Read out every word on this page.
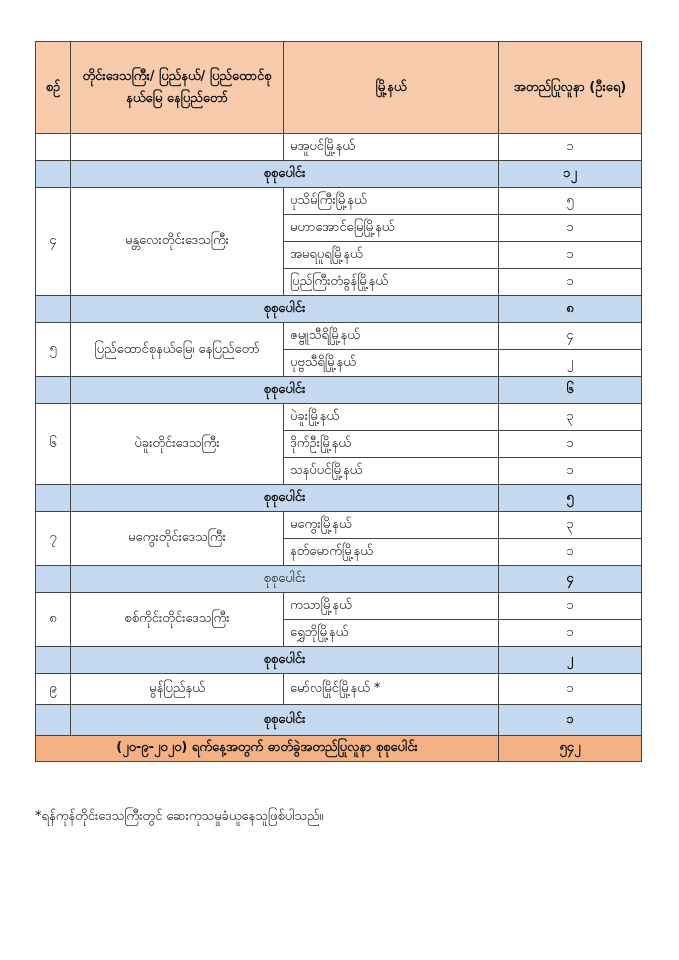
စဉ်	တိုင်းဒေသကြီး/ ပြည်နယ်/ ပြည်ထောင်စုနယ်မြေ နေပြည်တော်	မြို့နယ်	အတည်ပြုလူနာ (ဦးရေ)
		မအူပင်မြို့နယ်	၁
	စုစုပေါင်း		၁၂
၄	မန္တလေးတိုင်းဒေသကြီး	ပုသိမ်ကြီးမြို့နယ်	၅
		မဟာအောင်မြေမြို့နယ်	၁
		အမရပူရမြို့နယ်	၁
		ပြည်ကြီးတံခွန်မြို့နယ်	၁
	စုစုပေါင်း		၈
၅	ပြည်ထောင်စုနယ်မြေ၊ နေပြည်တော်	ဇမ္ဗူသီရိမြို့နယ်	၄
		ပုဗ္ဗသီရိမြို့နယ်	၂
	စုစုပေါင်း		၆
၆	ပဲခူးတိုင်းဒေသကြီး	ပဲခူးမြို့နယ်	၃
		ဒိုက်ဦးမြို့နယ်	၁
		သနပ်ပင်မြို့နယ်	၁
	စုစုပေါင်း		၅
၇	မကွေးတိုင်းဒေသကြီး	မကွေးမြို့နယ်	၃
		နတ်မောက်မြို့နယ်	၁
	စုစုပေါင်း		၄
၈	စစ်ကိုင်းတိုင်းဒေသကြီး	ကသာမြို့နယ်	၁
		ရွှေဘိုမြို့နယ်	၁
	စုစုပေါင်း		၂
၉	မွန်ပြည်နယ်	မော်လမြိုင်မြို့နယ် *	၁
	စုစုပေါင်း		၁
(၂၀-၉-၂၀၂၀) ရက်နေ့အတွက် ဓာတ်ခွဲအတည်ပြုလူနာ စုစုပေါင်း			၅၄၂
*ရန်ကုန်တိုင်းဒေသကြီးတွင် ဆေးကုသမှုခံယူနေသူဖြစ်ပါသည်။
